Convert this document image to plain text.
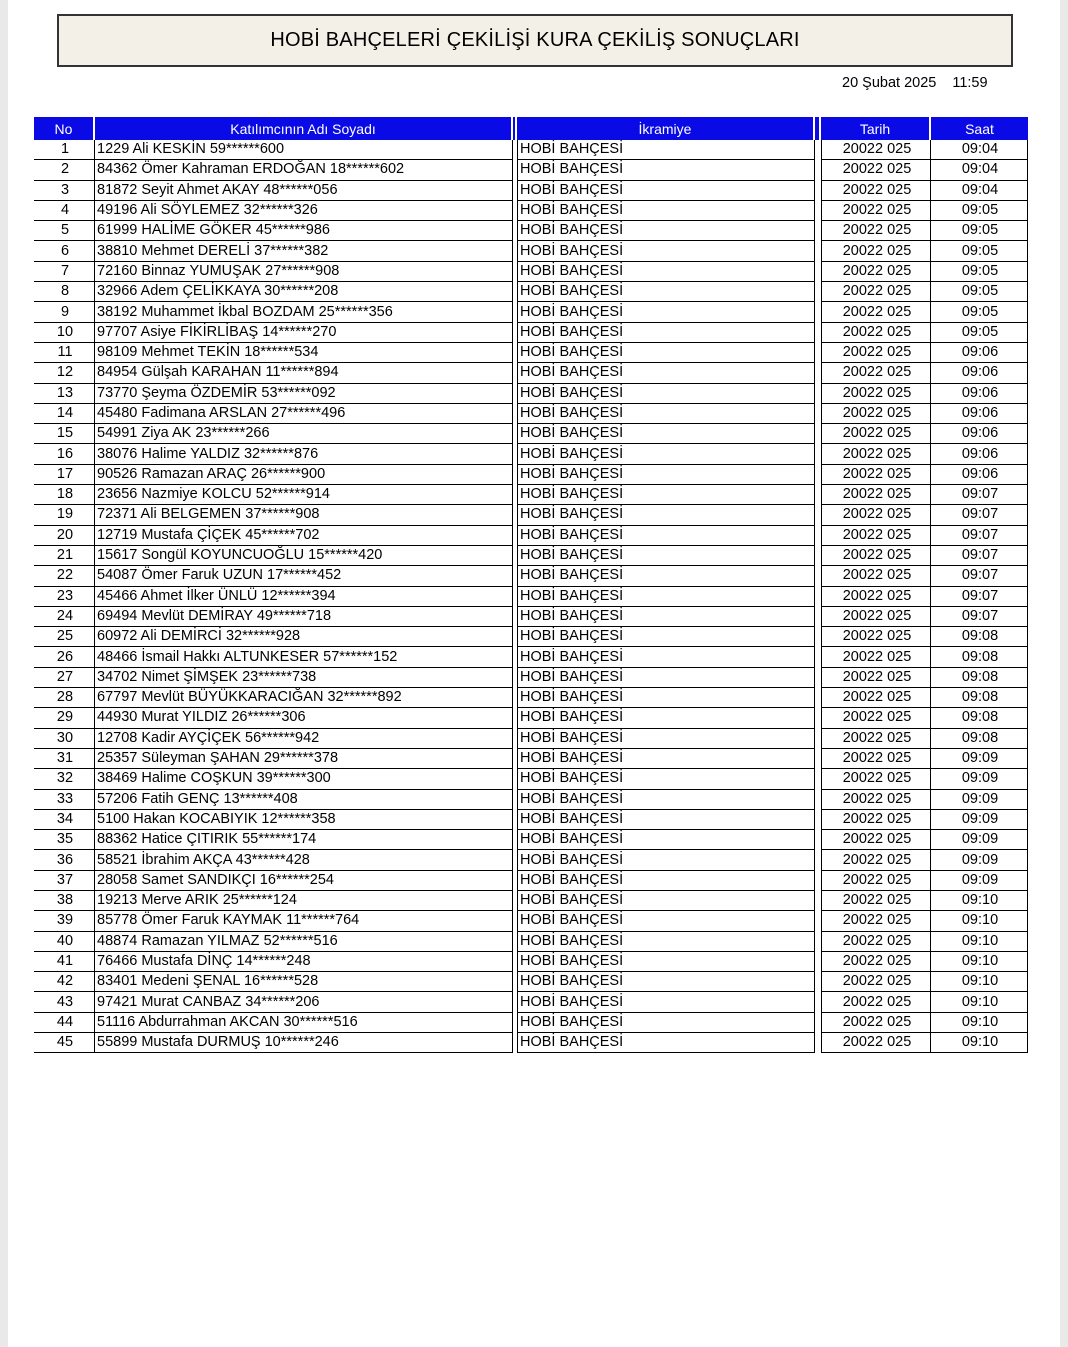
HOBİ BAHÇELERİ ÇEKİLİŞİ KURA ÇEKİLİŞ SONUÇLARI
20 Şubat 2025 11:59
No	Katılımcının Adı Soyadı		İkramiye		Tarih	Saat
1	1229 Ali KESKİN 59******600		HOBİ BAHÇESİ		20022 025	09:04
2	84362 Ömer Kahraman ERDOĞAN 18******602		HOBİ BAHÇESİ		20022 025	09:04
3	81872 Seyit Ahmet AKAY 48******056		HOBİ BAHÇESİ		20022 025	09:04
4	49196 Ali SÖYLEMEZ 32******326		HOBİ BAHÇESİ		20022 025	09:05
5	61999 HALİME GÖKER 45******986		HOBİ BAHÇESİ		20022 025	09:05
6	38810 Mehmet DERELİ 37******382		HOBİ BAHÇESİ		20022 025	09:05
7	72160 Binnaz YUMUŞAK 27******908		HOBİ BAHÇESİ		20022 025	09:05
8	32966 Adem ÇELİKKAYA 30******208		HOBİ BAHÇESİ		20022 025	09:05
9	38192 Muhammet İkbal BOZDAM 25******356		HOBİ BAHÇESİ		20022 025	09:05
10	97707 Asiye FİKİRLİBAŞ 14******270		HOBİ BAHÇESİ		20022 025	09:05
11	98109 Mehmet TEKİN 18******534		HOBİ BAHÇESİ		20022 025	09:06
12	84954 Gülşah KARAHAN 11******894		HOBİ BAHÇESİ		20022 025	09:06
13	73770 Şeyma ÖZDEMİR 53******092		HOBİ BAHÇESİ		20022 025	09:06
14	45480 Fadimana ARSLAN 27******496		HOBİ BAHÇESİ		20022 025	09:06
15	54991 Ziya AK 23******266		HOBİ BAHÇESİ		20022 025	09:06
16	38076 Halime YALDIZ 32******876		HOBİ BAHÇESİ		20022 025	09:06
17	90526 Ramazan ARAÇ 26******900		HOBİ BAHÇESİ		20022 025	09:06
18	23656 Nazmiye KOLCU 52******914		HOBİ BAHÇESİ		20022 025	09:07
19	72371 Ali BELGEMEN 37******908		HOBİ BAHÇESİ		20022 025	09:07
20	12719 Mustafa ÇİÇEK 45******702		HOBİ BAHÇESİ		20022 025	09:07
21	15617 Songül KOYUNCUOĞLU 15******420		HOBİ BAHÇESİ		20022 025	09:07
22	54087 Ömer Faruk UZUN 17******452		HOBİ BAHÇESİ		20022 025	09:07
23	45466 Ahmet İlker ÜNLÜ 12******394		HOBİ BAHÇESİ		20022 025	09:07
24	69494 Mevlüt DEMİRAY 49******718		HOBİ BAHÇESİ		20022 025	09:07
25	60972 Ali DEMİRCİ 32******928		HOBİ BAHÇESİ		20022 025	09:08
26	48466 İsmail Hakkı ALTUNKESER 57******152		HOBİ BAHÇESİ		20022 025	09:08
27	34702 Nimet ŞİMŞEK 23******738		HOBİ BAHÇESİ		20022 025	09:08
28	67797 Mevlüt BÜYÜKKARACIĞAN 32******892		HOBİ BAHÇESİ		20022 025	09:08
29	44930 Murat YILDIZ 26******306		HOBİ BAHÇESİ		20022 025	09:08
30	12708 Kadir AYÇİÇEK 56******942		HOBİ BAHÇESİ		20022 025	09:08
31	25357 Süleyman ŞAHAN 29******378		HOBİ BAHÇESİ		20022 025	09:09
32	38469 Halime COŞKUN 39******300		HOBİ BAHÇESİ		20022 025	09:09
33	57206 Fatih GENÇ 13******408		HOBİ BAHÇESİ		20022 025	09:09
34	5100 Hakan KOCABIYIK 12******358		HOBİ BAHÇESİ		20022 025	09:09
35	88362 Hatice ÇITIRIK 55******174		HOBİ BAHÇESİ		20022 025	09:09
36	58521 İbrahim AKÇA 43******428		HOBİ BAHÇESİ		20022 025	09:09
37	28058 Samet SANDIKÇI 16******254		HOBİ BAHÇESİ		20022 025	09:09
38	19213 Merve ARIK 25******124		HOBİ BAHÇESİ		20022 025	09:10
39	85778 Ömer Faruk KAYMAK 11******764		HOBİ BAHÇESİ		20022 025	09:10
40	48874 Ramazan YILMAZ 52******516		HOBİ BAHÇESİ		20022 025	09:10
41	76466 Mustafa DİNÇ 14******248		HOBİ BAHÇESİ		20022 025	09:10
42	83401 Medeni ŞENAL 16******528		HOBİ BAHÇESİ		20022 025	09:10
43	97421 Murat CANBAZ 34******206		HOBİ BAHÇESİ		20022 025	09:10
44	51116 Abdurrahman AKCAN 30******516		HOBİ BAHÇESİ		20022 025	09:10
45	55899 Mustafa DURMUŞ 10******246		HOBİ BAHÇESİ		20022 025	09:10
